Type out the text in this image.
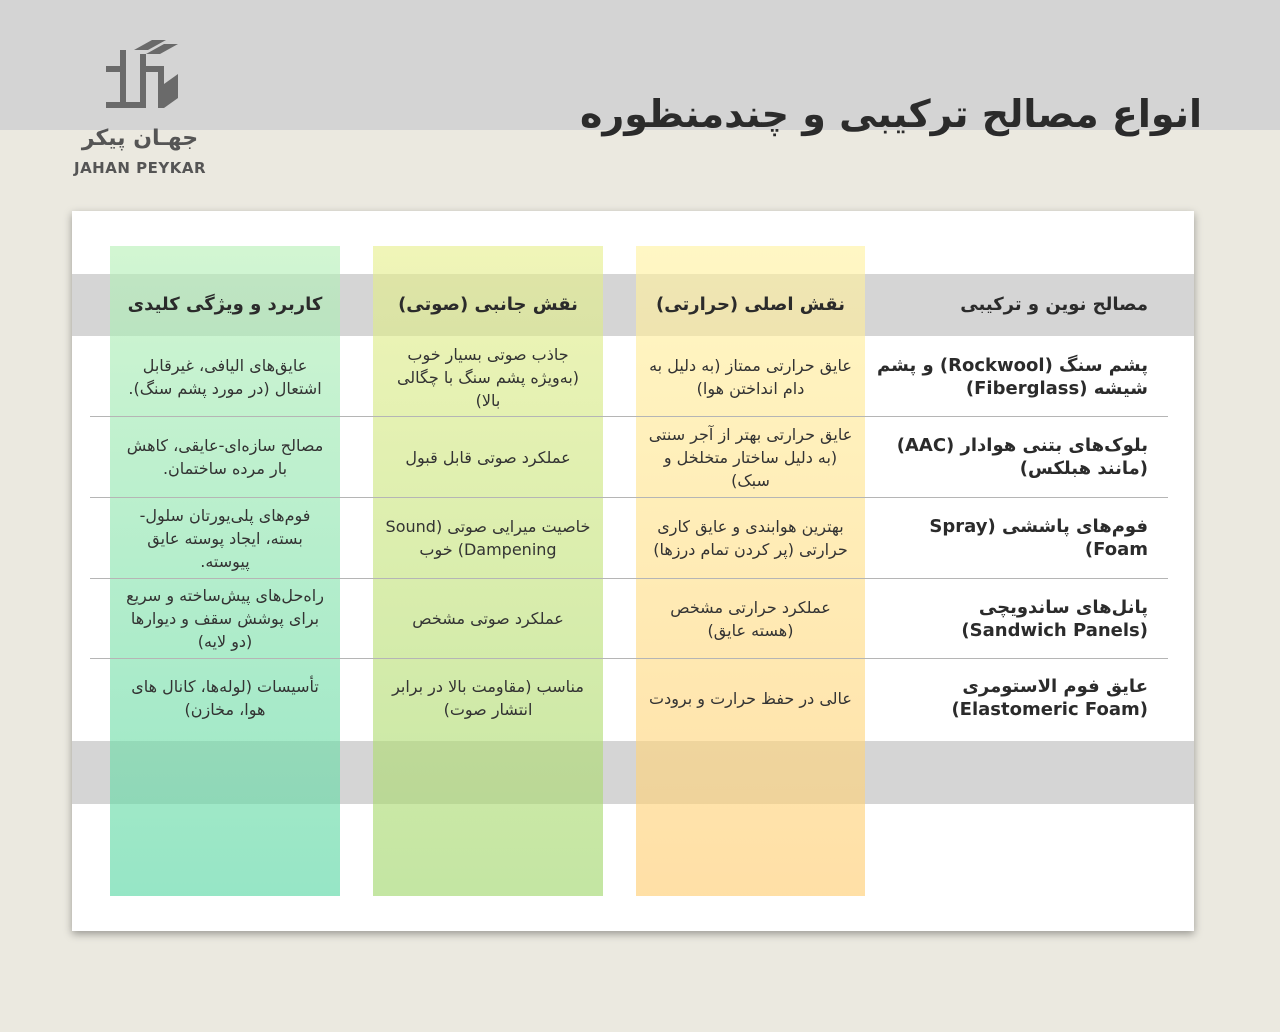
جهـان پیکر
JAHAN PEYKAR
انواع مصالح ترکیبی و چندمنظوره
مصالح نوین و ترکیبی
نقش اصلی (حرارتی)
نقش جانبی (صوتی)
کاربرد و ویژگی کلیدی
پشم سنگ (Rockwool) و پشم شیشه (Fiberglass)
عایق حرارتی ممتاز (به دلیل به دام انداختن هوا)
جاذب صوتی بسیار خوب (به‌ویژه پشم سنگ با چگالی بالا)
عایق‌های الیافی، غیرقابل اشتعال (در مورد پشم سنگ).
بلوک‌های بتنی هوادار (AAC) (مانند هبلکس)
عایق حرارتی بهتر از آجر سنتی (به دلیل ساختار متخلخل و سبک)
عملکرد صوتی قابل قبول
مصالح سازه‌ای-عایقی، کاهش بار مرده ساختمان.
فوم‌های پاششی (Spray Foam)
بهترین هوابندی و عایق کاری حرارتی (پر کردن تمام درزها)
خاصیت میرایی صوتی (Sound Dampening) خوب
فوم‌های پلی‌یورتان سلول-بسته، ایجاد پوسته عایق پیوسته.
پانل‌های ساندویچی (Sandwich Panels)
عملکرد حرارتی مشخص (هسته عایق)
عملکرد صوتی مشخص
راه‌حل‌های پیش‌ساخته و سریع برای پوشش سقف و دیوارها (دو لایه)
عایق فوم الاستومری (Elastomeric Foam)
عالی در حفظ حرارت و برودت
مناسب (مقاومت بالا در برابر انتشار صوت)
تأسیسات (لوله‌ها، کانال های هوا، مخازن)
